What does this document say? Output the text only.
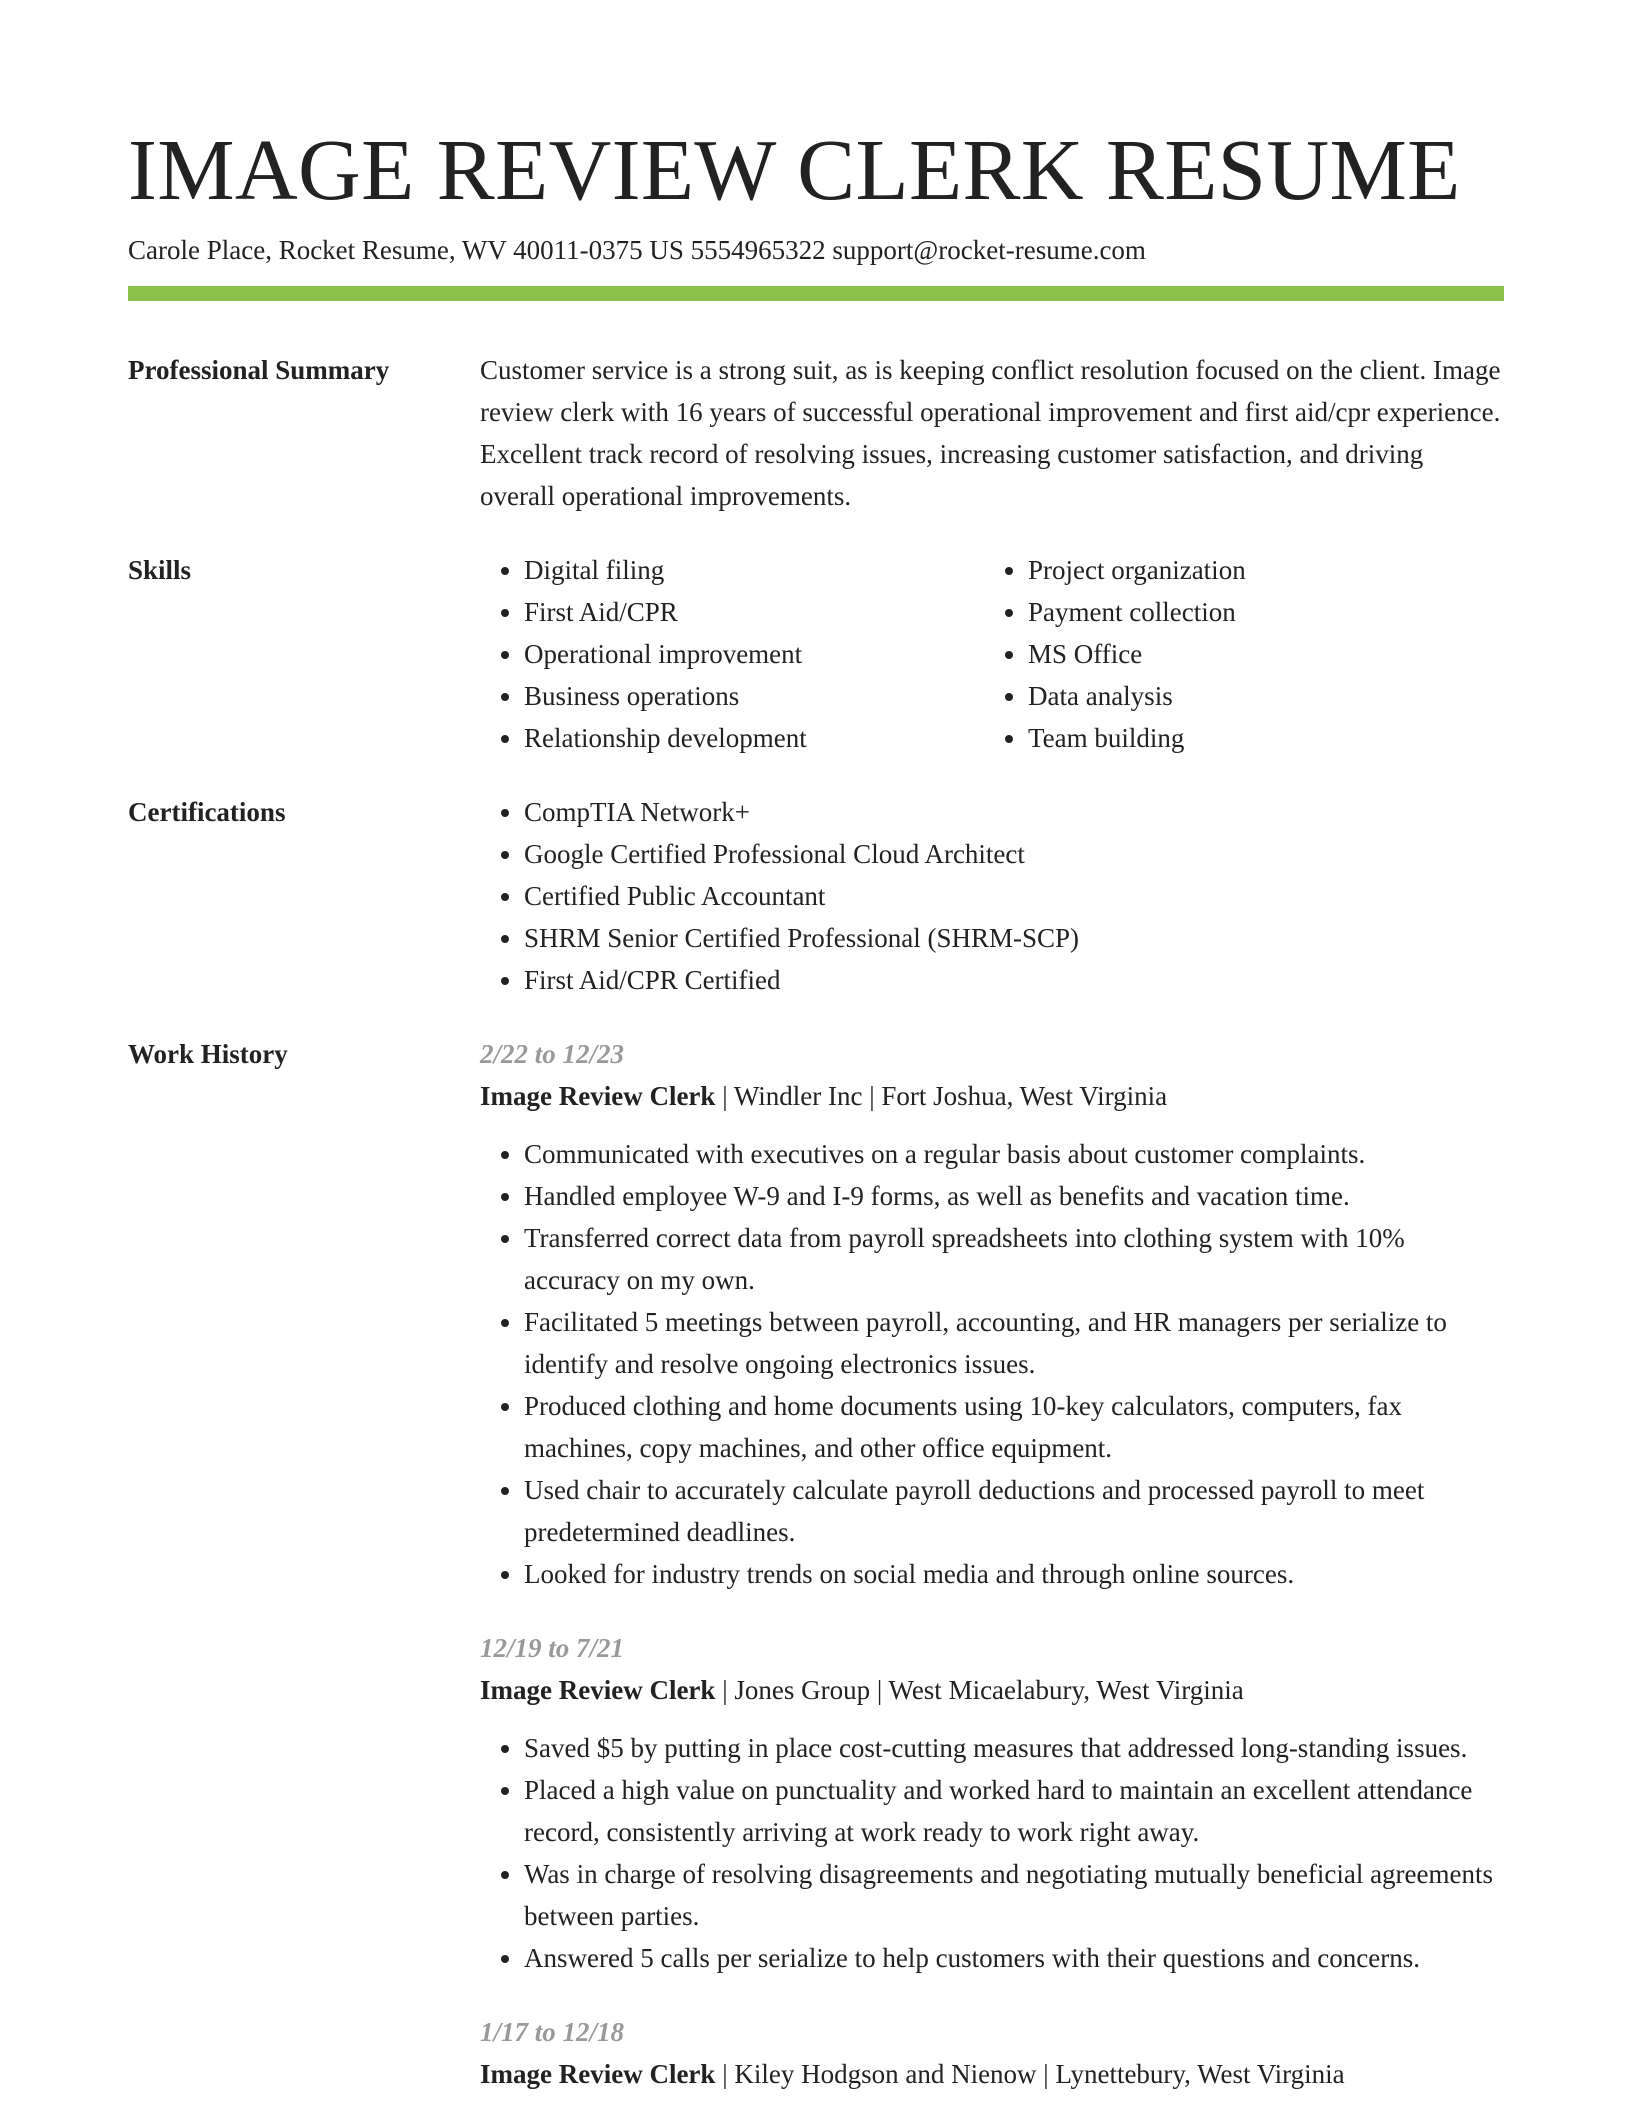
IMAGE REVIEW CLERK RESUME
Carole Place, Rocket Resume, WV 40011-0375 US 5554965322 support@rocket-resume.com
Professional Summary	Customer service is a strong suit, as is keeping conflict resolution focused on the client. Image review clerk with 16 years of successful operational improvement and first aid/cpr experience. Excellent track record of resolving issues, increasing customer satisfaction, and driving overall operational improvements.

Skills	• Digital filing
• First Aid/CPR
• Operational improvement
• Business operations
• Relationship development
• Project organization
• Payment collection
• MS Office
• Data analysis
• Team building
Certifications	• CompTIA Network+
• Google Certified Professional Cloud Architect
• Certified Public Accountant
• SHRM Senior Certified Professional (SHRM-SCP)
• First Aid/CPR Certified
Work History	2/22 to 12/23
Image Review Clerk | Windler Inc | Fort Joshua, West Virginia
• Communicated with executives on a regular basis about customer complaints.
• Handled employee W-9 and I-9 forms, as well as benefits and vacation time.
• Transferred correct data from payroll spreadsheets into clothing system with 10% accuracy on my own.
• Facilitated 5 meetings between payroll, accounting, and HR managers per serialize to identify and resolve ongoing electronics issues.
• Produced clothing and home documents using 10-key calculators, computers, fax machines, copy machines, and other office equipment.
• Used chair to accurately calculate payroll deductions and processed payroll to meet predetermined deadlines.
• Looked for industry trends on social media and through online sources.
12/19 to 7/21
Image Review Clerk | Jones Group | West Micaelabury, West Virginia
• Saved $5 by putting in place cost-cutting measures that addressed long-standing issues.
• Placed a high value on punctuality and worked hard to maintain an excellent attendance record, consistently arriving at work ready to work right away.
• Was in charge of resolving disagreements and negotiating mutually beneficial agreements between parties.
• Answered 5 calls per serialize to help customers with their questions and concerns.
1/17 to 12/18
Image Review Clerk | Kiley Hodgson and Nienow | Lynettebury, West Virginia
